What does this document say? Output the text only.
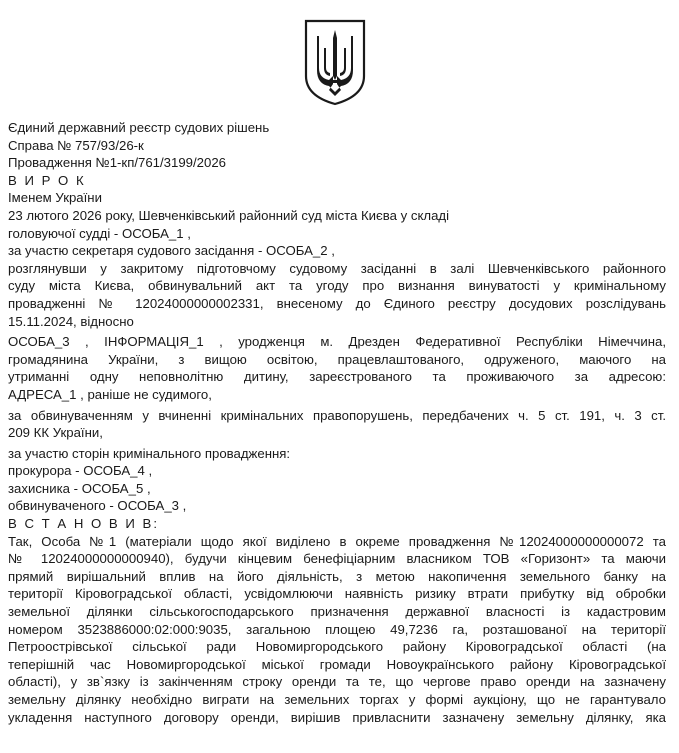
Єдиний державний реєстр судових рішень
Справа № 757/93/26-к
Провадження №1-кп/761/3199/2026
В И Р О К
Іменем України
23 лютого 2026 року, Шевченківський районний суд міста Києва у складі
головуючої судді - ОСОБА_1 ,
за участю секретаря судового засідання - ОСОБА_2 ,
розглянувши у закритому підготовчому судовому засіданні в залі Шевченківського районного
суду міста Києва, обвинувальний акт та угоду про визнання винуватості у кримінальному
провадженні № 12024000000002331, внесеному до Єдиного реєстру досудових розслідувань
15.11.2024, відносно
ОСОБА_3 , ІНФОРМАЦІЯ_1 , уродженця м. Дрезден Федеративної Республіки Німеччина,
громадянина України, з вищою освітою, працевлаштованого, одруженого, маючого на
утриманні одну неповнолітню дитину, зареєстрованого та проживаючого за адресою:
АДРЕСА_1 , раніше не судимого,
за обвинуваченням у вчиненні кримінальних правопорушень, передбачених ч. 5 ст. 191, ч. 3 ст.
209 КК України,
за участю сторін кримінального провадження:
прокурора - ОСОБА_4 ,
захисника - ОСОБА_5 ,
обвинуваченого - ОСОБА_3 ,
В С Т А Н О В И В:
Так, Особа №1 (матеріали щодо якої виділено в окреме провадження №12024000000000072 та
№ 12024000000000940), будучи кінцевим бенефіціарним власником ТОВ «Горизонт» та маючи
прямий вирішальний вплив на його діяльність, з метою накопичення земельного банку на
території Кіровоградської області, усвідомлюючи наявність ризику втрати прибутку від обробки
земельної ділянки сільськогосподарського призначення державної власності із кадастровим
номером 3523886000:02:000:9035, загальною площею 49,7236 га, розташованої на території
Петроострівської сільської ради Новомиргородського району Кіровоградської області (на
теперішній час Новомиргородської міської громади Новоукраїнського району Кіровоградської
області), у зв`язку із закінченням строку оренди та те, що чергове право оренди на зазначену
земельну ділянку необхідно виграти на земельних торгах у формі аукціону, що не гарантувало
укладення наступного договору оренди, вирішив привласнити зазначену земельну ділянку, яка
